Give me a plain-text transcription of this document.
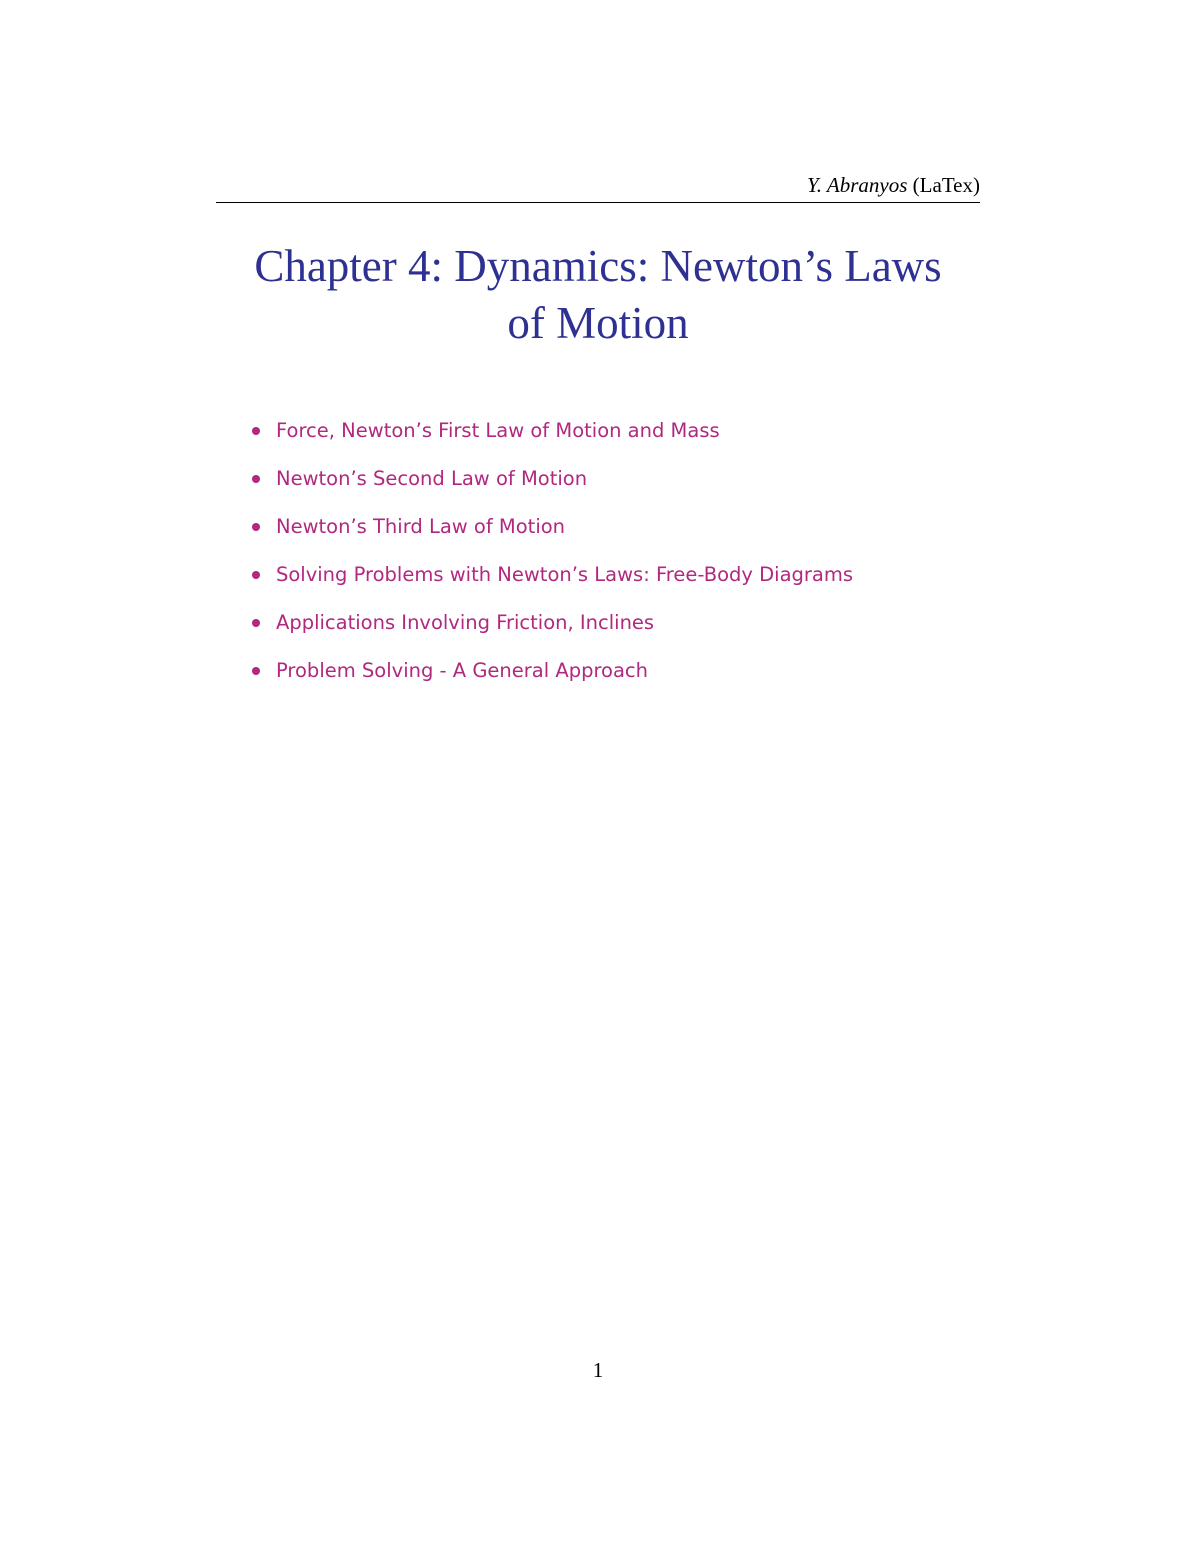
Y. Abranyos (LaTex)
Chapter 4: Dynamics: Newton’s Laws
of Motion
Force, Newton’s First Law of Motion and Mass
Newton’s Second Law of Motion
Newton’s Third Law of Motion
Solving Problems with Newton’s Laws: Free-Body Diagrams
Applications Involving Friction, Inclines
Problem Solving - A General Approach
1
